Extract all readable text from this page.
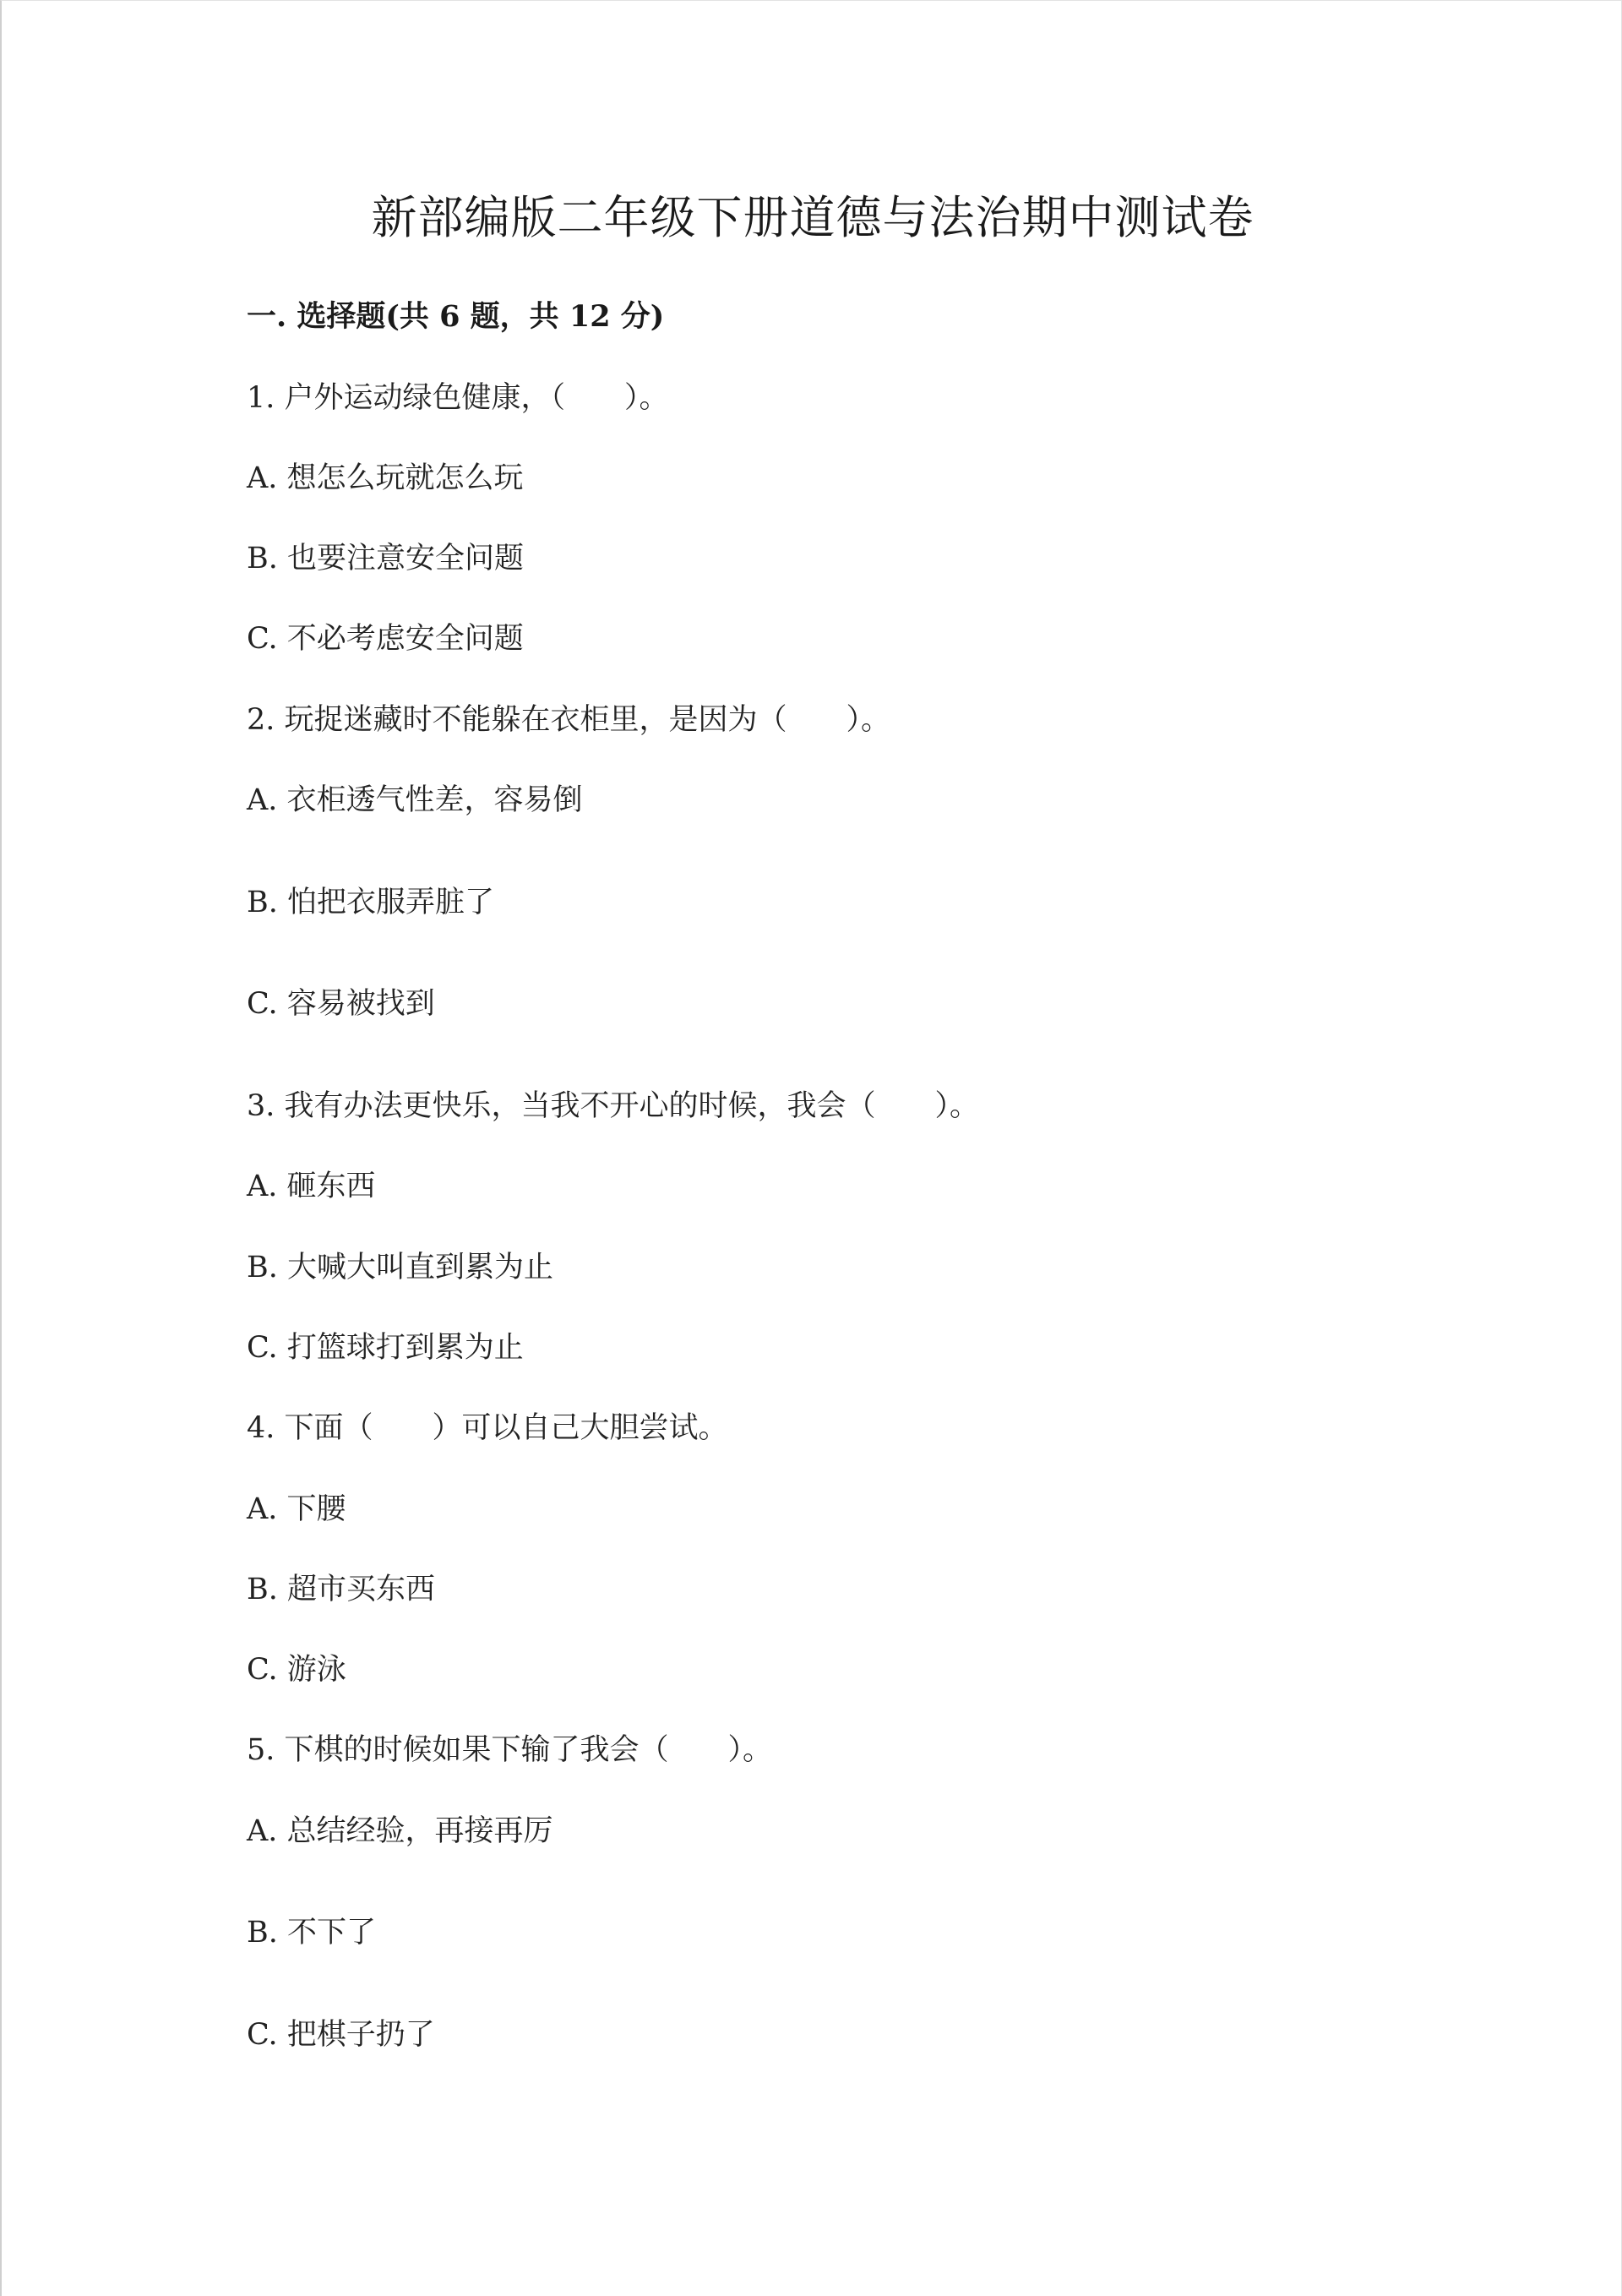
新部编版二年级下册道德与法治期中测试卷
一. 选择题(共 6 题，共 12 分)
1. 户外运动绿色健康，（　　）。
A. 想怎么玩就怎么玩
B. 也要注意安全问题
C. 不必考虑安全问题
2. 玩捉迷藏时不能躲在衣柜里，是因为（　　）。
A. 衣柜透气性差，容易倒
B. 怕把衣服弄脏了
C. 容易被找到
3. 我有办法更快乐，当我不开心的时候，我会（　　）。
A. 砸东西
B. 大喊大叫直到累为止
C. 打篮球打到累为止
4. 下面（　　）可以自己大胆尝试。
A. 下腰
B. 超市买东西
C. 游泳
5. 下棋的时候如果下输了我会（　　）。
A. 总结经验，再接再厉
B. 不下了
C. 把棋子扔了
